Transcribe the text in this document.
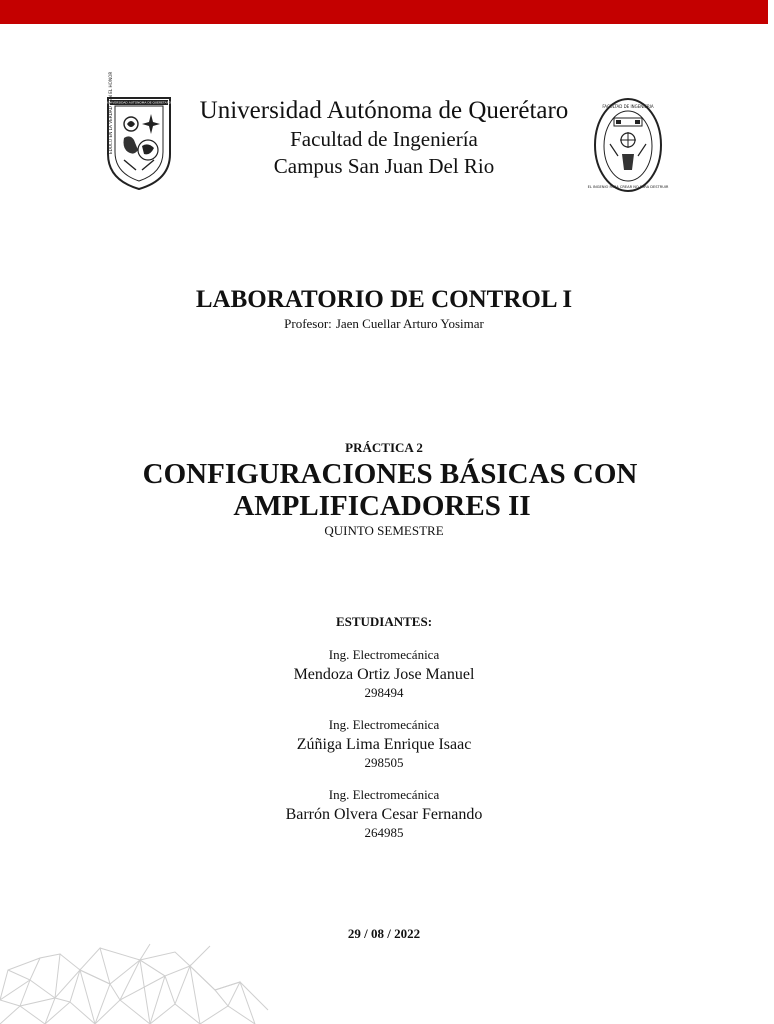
UNIVERSIDAD AUTONOMA DE QUERETARO
EDUCO EN LA VERDAD Y EN EL HONOR	FACULTAD DE INGENIERIA
EL INGENIO PARA CREAR NO PARA DESTRUIR
Universidad Autónoma de Querétaro
Facultad de Ingeniería
Campus San Juan Del Rio
LABORATORIO DE CONTROL I
Profesor: Jaen Cuellar Arturo Yosimar
PRÁCTICA 2
CONFIGURACIONES BÁSICAS CON
AMPLIFICADORES II
QUINTO SEMESTRE
ESTUDIANTES:
Ing. Electromecánica
Mendoza Ortiz Jose Manuel
298494
Ing. Electromecánica
Zúñiga Lima Enrique Isaac
298505
Ing. Electromecánica
Barrón Olvera Cesar Fernando
264985
29 / 08 / 2022
